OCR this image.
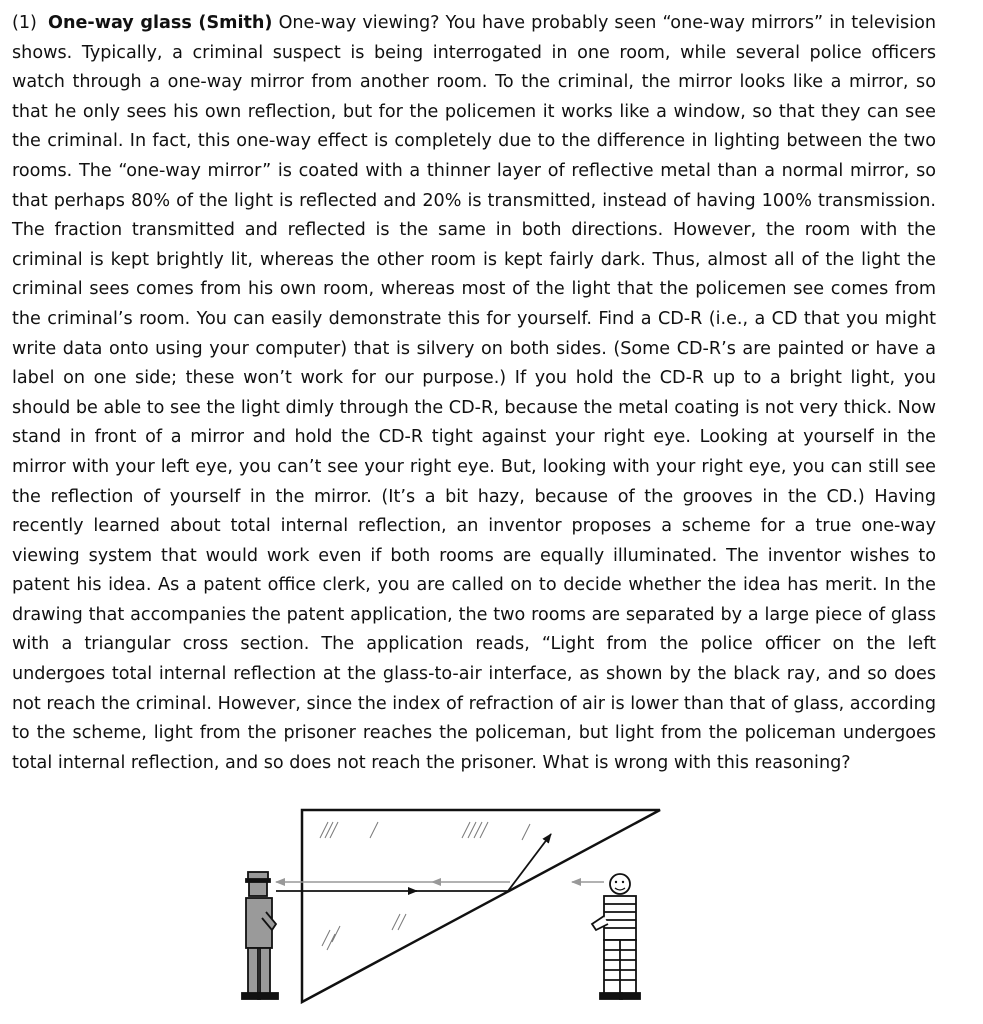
(1) One-way glass (Smith) One-way viewing? You have probably seen “one-way mirrors” in television shows. Typically, a criminal suspect is being interrogated in one room, while several police officers watch through a one-way mirror from another room. To the criminal, the mirror looks like a mirror, so that he only sees his own reflection, but for the policemen it works like a window, so that they can see the criminal. In fact, this one-way effect is completely due to the difference in lighting between the two rooms. The “one-way mirror” is coated with a thinner layer of reflective metal than a normal mirror, so that perhaps 80% of the light is reflected and 20% is transmitted, instead of having 100% transmission. The fraction transmitted and reflected is the same in both directions. However, the room with the criminal is kept brightly lit, whereas the other room is kept fairly dark. Thus, almost all of the light the criminal sees comes from his own room, whereas most of the light that the policemen see comes from the criminal’s room. You can easily demonstrate this for yourself. Find a CD-R (i.e., a CD that you might write data onto using your computer) that is silvery on both sides. (Some CD-R’s are painted or have a label on one side; these won’t work for our purpose.) If you hold the CD-R up to a bright light, you should be able to see the light dimly through the CD-R, because the metal coating is not very thick. Now stand in front of a mirror and hold the CD-R tight against your right eye. Looking at yourself in the mirror with your left eye, you can’t see your right eye. But, looking with your right eye, you can still see the reflection of yourself in the mirror. (It’s a bit hazy, because of the grooves in the CD.) Having recently learned about total internal reflection, an inventor proposes a scheme for a true one-way viewing system that would work even if both rooms are equally illuminated. The inventor wishes to patent his idea. As a patent office clerk, you are called on to decide whether the idea has merit. In the drawing that accompanies the patent application, the two rooms are separated by a large piece of glass with a triangular cross section. The application reads, “Light from the police officer on the left undergoes total internal reflection at the glass-to-air interface, as shown by the black ray, and so does not reach the criminal. However, since the index of refraction of air is lower than that of glass, according to the scheme, light from the prisoner reaches the policeman, but light from the policeman undergoes total internal reflection, and so does not reach the prisoner. What is wrong with this reasoning?
